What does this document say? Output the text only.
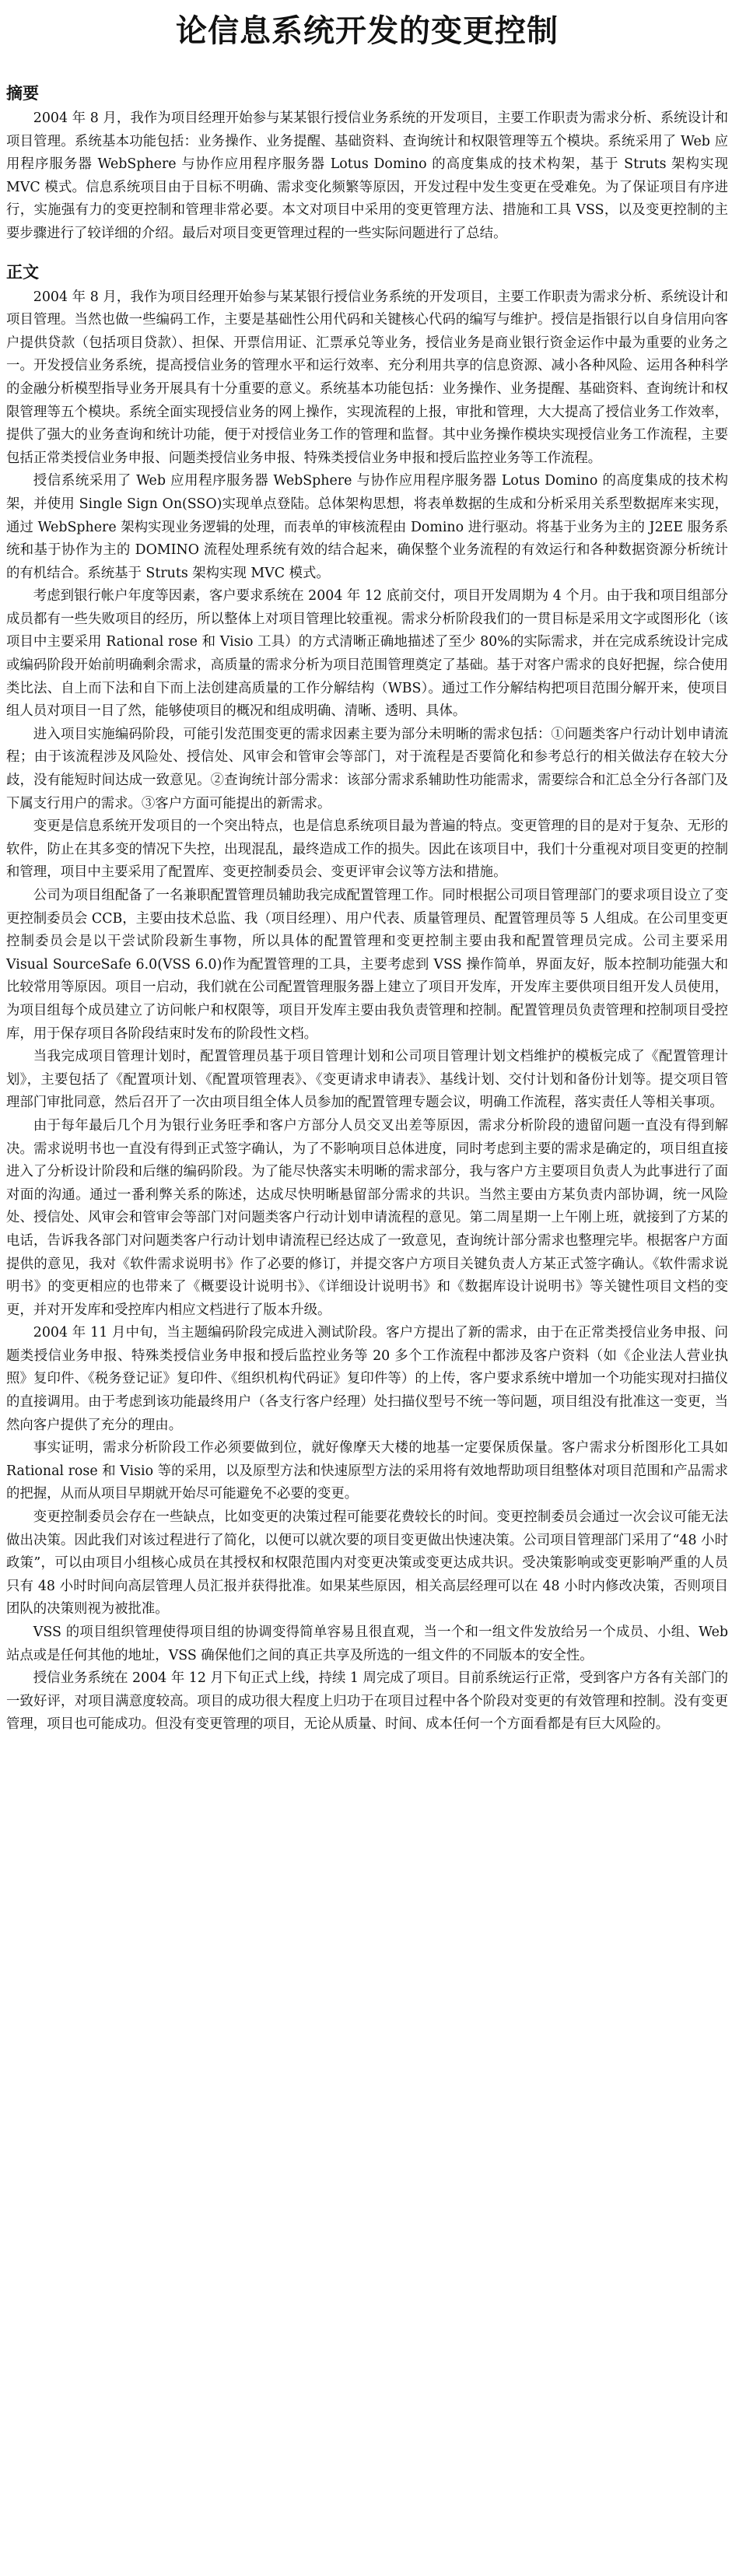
论信息系统开发的变更控制
摘要

2004 年 8 月，我作为项目经理开始参与某某银行授信业务系统的开发项目，主要工作职责为需求分析、系统设计和项目管理。系统基本功能包括：业务操作、业务提醒、基础资料、查询统计和权限管理等五个模块。系统采用了 Web 应用程序服务器 WebSphere 与协作应用程序服务器 Lotus Domino 的高度集成的技术构架，基于 Struts 架构实现 MVC 模式。信息系统项目由于目标不明确、需求变化频繁等原因，开发过程中发生变更在受难免。为了保证项目有序进行，实施强有力的变更控制和管理非常必要。本文对项目中采用的变更管理方法、措施和工具 VSS，以及变更控制的主要步骤进行了较详细的介绍。最后对项目变更管理过程的一些实际问题进行了总结。

正文

2004 年 8 月，我作为项目经理开始参与某某银行授信业务系统的开发项目，主要工作职责为需求分析、系统设计和项目管理。当然也做一些编码工作，主要是基础性公用代码和关键核心代码的编写与维护。授信是指银行以自身信用向客户提供贷款（包括项目贷款）、担保、开票信用证、汇票承兑等业务，授信业务是商业银行资金运作中最为重要的业务之一。开发授信业务系统，提高授信业务的管理水平和运行效率、充分利用共享的信息资源、减小各种风险、运用各种科学的金融分析模型指导业务开展具有十分重要的意义。系统基本功能包括：业务操作、业务提醒、基础资料、查询统计和权限管理等五个模块。系统全面实现授信业务的网上操作，实现流程的上报，审批和管理，大大提高了授信业务工作效率，提供了强大的业务查询和统计功能，便于对授信业务工作的管理和监督。其中业务操作模块实现授信业务工作流程，主要包括正常类授信业务申报、问题类授信业务申报、特殊类授信业务申报和授后监控业务等工作流程。

授信系统采用了 Web 应用程序服务器 WebSphere 与协作应用程序服务器 Lotus Domino 的高度集成的技术构架，并使用 Single Sign On(SSO)实现单点登陆。总体架构思想，将表单数据的生成和分析采用关系型数据库来实现，通过 WebSphere 架构实现业务逻辑的处理，而表单的审核流程由 Domino 进行驱动。将基于业务为主的 J2EE 服务系统和基于协作为主的 DOMINO 流程处理系统有效的结合起来，确保整个业务流程的有效运行和各种数据资源分析统计的有机结合。系统基于 Struts 架构实现 MVC 模式。

考虑到银行帐户年度等因素，客户要求系统在 2004 年 12 底前交付，项目开发周期为 4 个月。由于我和项目组部分成员都有一些失败项目的经历，所以整体上对项目管理比较重视。需求分析阶段我们的一贯目标是采用文字或图形化（该项目中主要采用 Rational rose 和 Visio 工具）的方式清晰正确地描述了至少 80%的实际需求，并在完成系统设计完成或编码阶段开始前明确剩余需求，高质量的需求分析为项目范围管理奠定了基础。基于对客户需求的良好把握，综合使用类比法、自上而下法和自下而上法创建高质量的工作分解结构（WBS）。通过工作分解结构把项目范围分解开来，使项目组人员对项目一目了然，能够使项目的概况和组成明确、清晰、透明、具体。

进入项目实施编码阶段，可能引发范围变更的需求因素主要为部分未明晰的需求包括：①问题类客户行动计划申请流程；由于该流程涉及风险处、授信处、风审会和管审会等部门，对于流程是否要简化和参考总行的相关做法存在较大分歧，没有能短时间达成一致意见。②查询统计部分需求：该部分需求系辅助性功能需求，需要综合和汇总全分行各部门及下属支行用户的需求。③客户方面可能提出的新需求。

变更是信息系统开发项目的一个突出特点，也是信息系统项目最为普遍的特点。变更管理的目的是对于复杂、无形的软件，防止在其多变的情况下失控，出现混乱，最终造成工作的损失。因此在该项目中，我们十分重视对项目变更的控制和管理，项目中主要采用了配置库、变更控制委员会、变更评审会议等方法和措施。

公司为项目组配备了一名兼职配置管理员辅助我完成配置管理工作。同时根据公司项目管理部门的要求项目设立了变更控制委员会 CCB，主要由技术总监、我（项目经理）、用户代表、质量管理员、配置管理员等 5 人组成。在公司里变更控制委员会是以干尝试阶段新生事物，所以具体的配置管理和变更控制主要由我和配置管理员完成。公司主要采用 Visual SourceSafe 6.0(VSS 6.0)作为配置管理的工具，主要考虑到 VSS 操作简单，界面友好，版本控制功能强大和比较常用等原因。项目一启动，我们就在公司配置管理服务器上建立了项目开发库，开发库主要供项目组开发人员使用，为项目组每个成员建立了访问帐户和权限等，项目开发库主要由我负责管理和控制。配置管理员负责管理和控制项目受控库，用于保存项目各阶段结束时发布的阶段性文档。

当我完成项目管理计划时，配置管理员基于项目管理计划和公司项目管理计划文档维护的模板完成了《配置管理计划》，主要包括了《配置项计划、《配置项管理表》、《变更请求申请表》、基线计划、交付计划和备份计划等。提交项目管理部门审批同意，然后召开了一次由项目组全体人员参加的配置管理专题会议，明确工作流程，落实责任人等相关事项。

由于每年最后几个月为银行业务旺季和客户方部分人员交叉出差等原因，需求分析阶段的遗留问题一直没有得到解决。需求说明书也一直没有得到正式签字确认，为了不影响项目总体进度，同时考虑到主要的需求是确定的，项目组直接进入了分析设计阶段和后继的编码阶段。为了能尽快落实未明晰的需求部分，我与客户方主要项目负责人为此事进行了面对面的沟通。通过一番利弊关系的陈述，达成尽快明晰悬留部分需求的共识。当然主要由方某负责内部协调，统一风险处、授信处、风审会和管审会等部门对问题类客户行动计划申请流程的意见。第二周星期一上午刚上班，就接到了方某的电话，告诉我各部门对问题类客户行动计划申请流程已经达成了一致意见，查询统计部分需求也整理完毕。根据客户方面提供的意见，我对《软件需求说明书》作了必要的修订，并提交客户方项目关键负责人方某正式签字确认。《软件需求说明书》的变更相应的也带来了《概要设计说明书》、《详细设计说明书》和《数据库设计说明书》等关键性项目文档的变更，并对开发库和受控库内相应文档进行了版本升级。

2004 年 11 月中旬，当主题编码阶段完成进入测试阶段。客户方提出了新的需求，由于在正常类授信业务申报、问题类授信业务申报、特殊类授信业务申报和授后监控业务等 20 多个工作流程中都涉及客户资料（如《企业法人营业执照》复印件、《税务登记证》复印件、《组织机构代码证》复印件等）的上传，客户要求系统中增加一个功能实现对扫描仪的直接调用。由于考虑到该功能最终用户（各支行客户经理）处扫描仪型号不统一等问题，项目组没有批准这一变更，当然向客户提供了充分的理由。

事实证明，需求分析阶段工作必须要做到位，就好像摩天大楼的地基一定要保质保量。客户需求分析图形化工具如 Rational rose 和 Visio 等的采用，以及原型方法和快速原型方法的采用将有效地帮助项目组整体对项目范围和产品需求的把握，从而从项目早期就开始尽可能避免不必要的变更。

变更控制委员会存在一些缺点，比如变更的决策过程可能要花费较长的时间。变更控制委员会通过一次会议可能无法做出决策。因此我们对该过程进行了简化，以便可以就次要的项目变更做出快速决策。公司项目管理部门采用了“48 小时政策”，可以由项目小组核心成员在其授权和权限范围内对变更决策或变更达成共识。受决策影响或变更影响严重的人员只有 48 小时时间向高层管理人员汇报并获得批准。如果某些原因，相关高层经理可以在 48 小时内修改决策，否则项目团队的决策则视为被批准。

VSS 的项目组织管理使得项目组的协调变得简单容易且很直观，当一个和一组文件发放给另一个成员、小组、Web 站点或是任何其他的地址，VSS 确保他们之间的真正共享及所选的一组文件的不同版本的安全性。

授信业务系统在 2004 年 12 月下旬正式上线，持续 1 周完成了项目。目前系统运行正常，受到客户方各有关部门的一致好评，对项目满意度较高。项目的成功很大程度上归功于在项目过程中各个阶段对变更的有效管理和控制。没有变更管理，项目也可能成功。但没有变更管理的项目，无论从质量、时间、成本任何一个方面看都是有巨大风险的。
